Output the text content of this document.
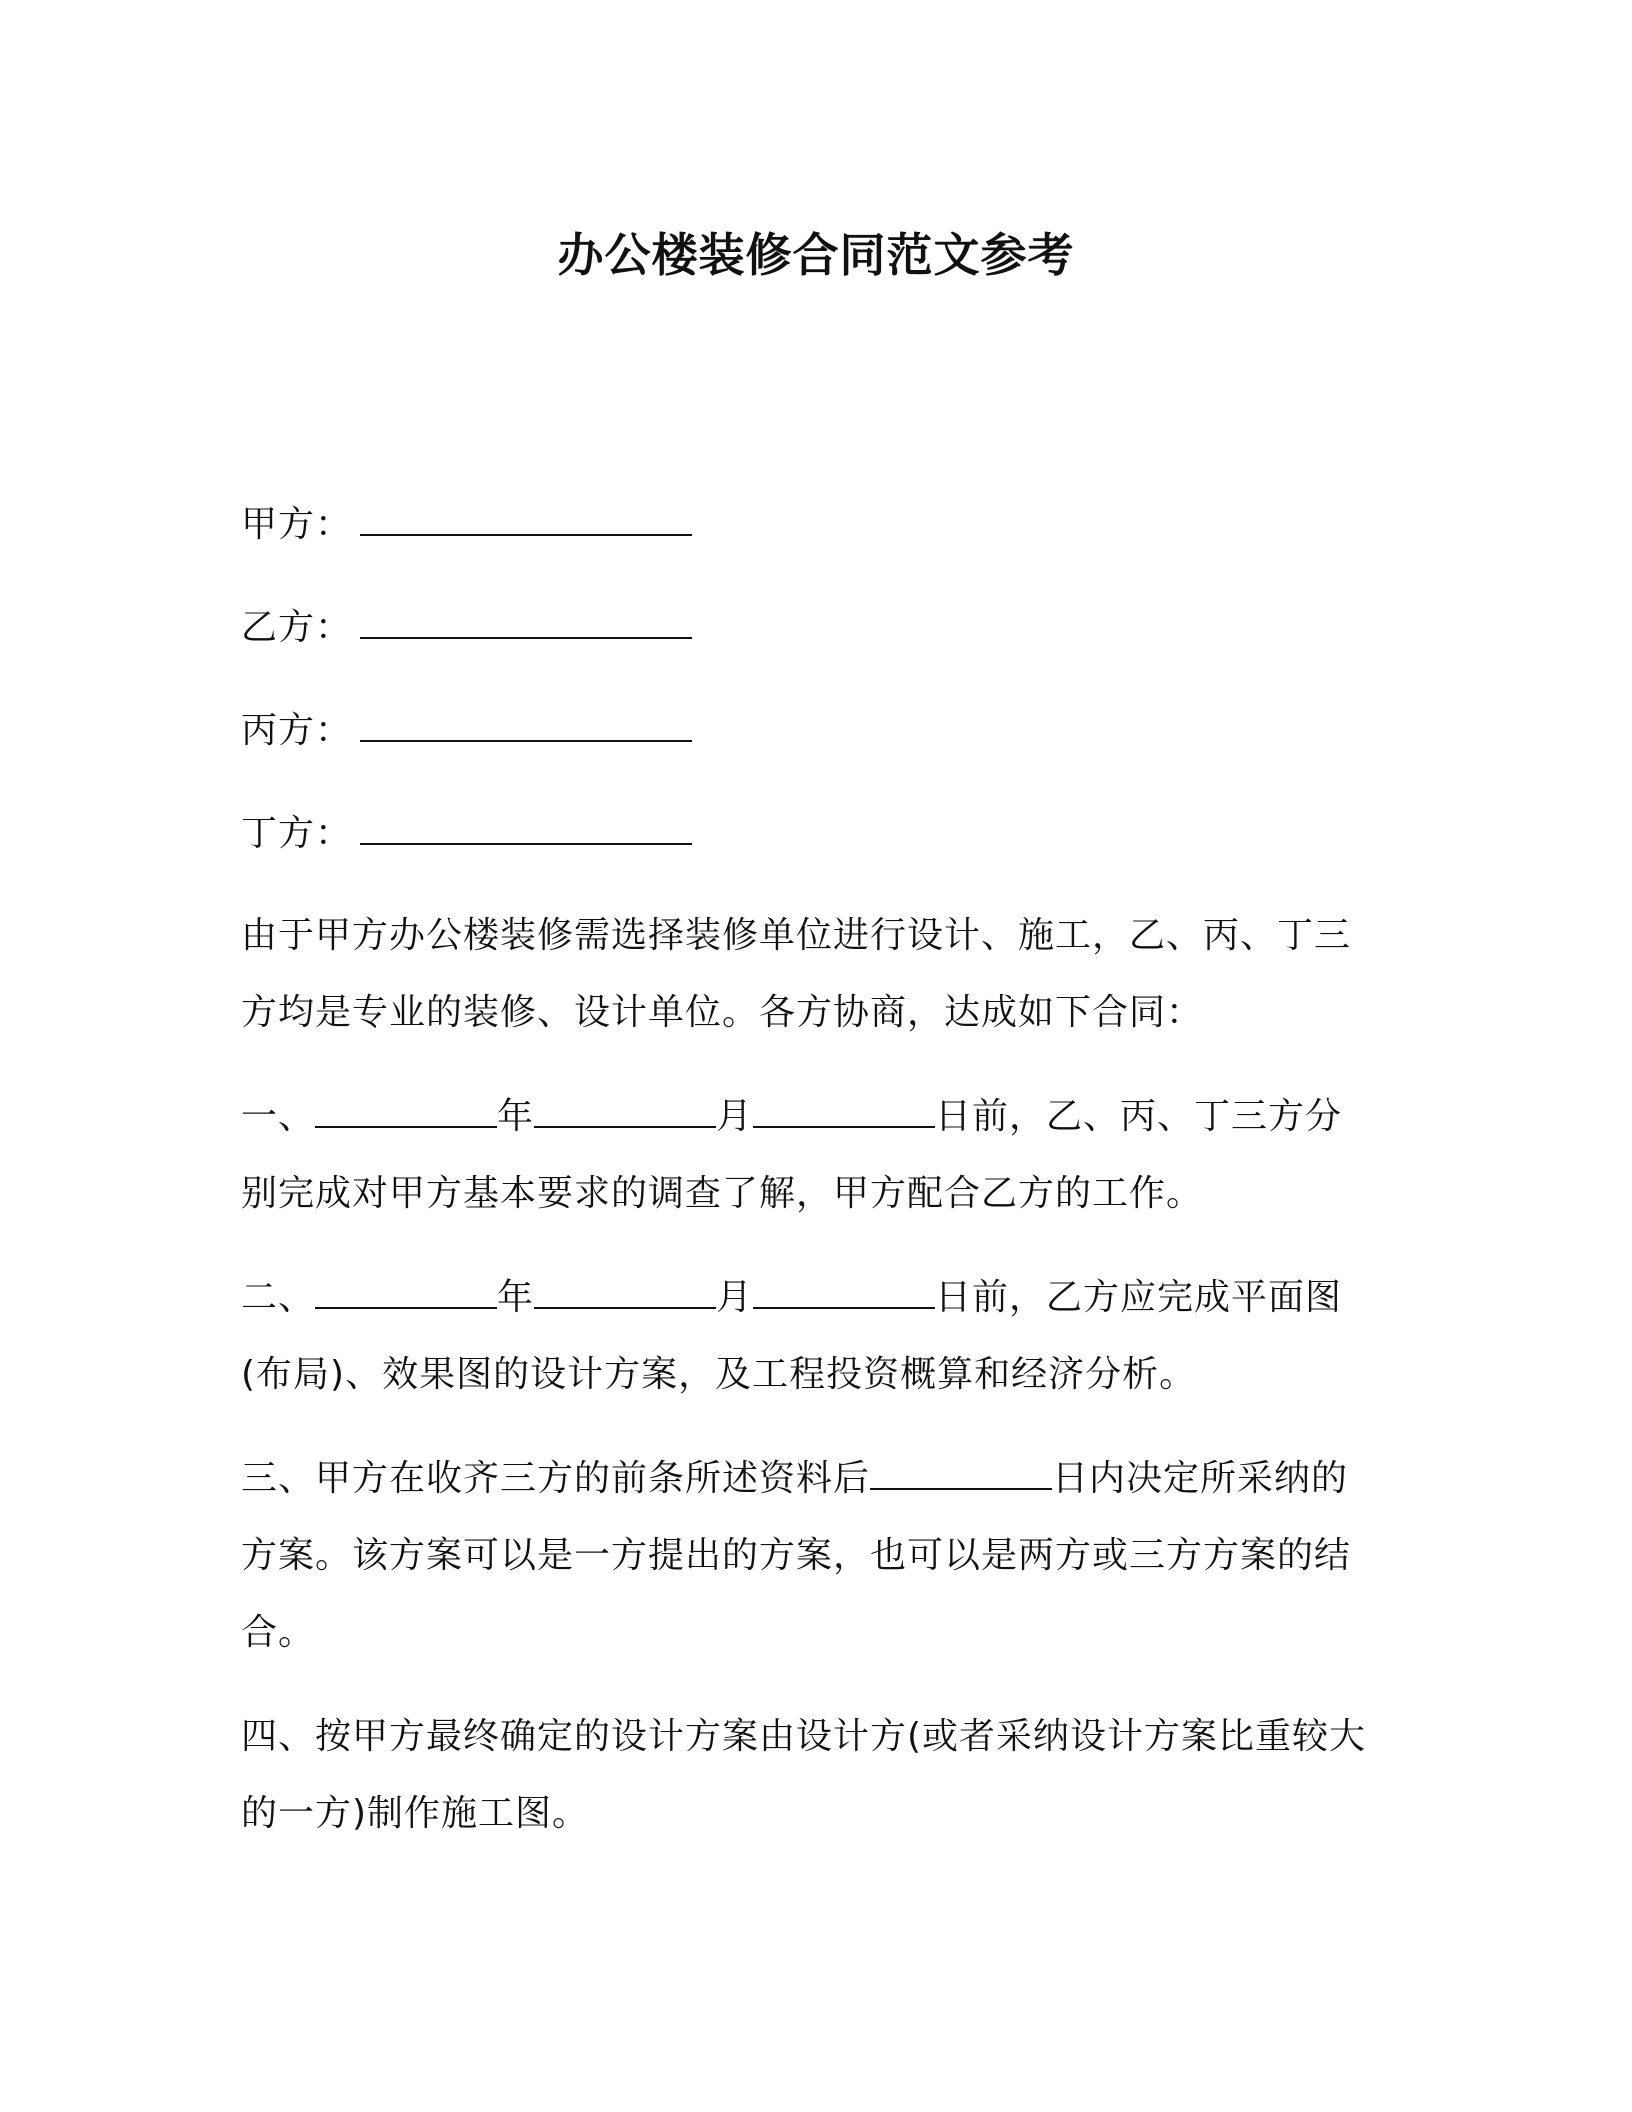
办公楼装修合同范文参考
甲方：
乙方：
丙方：
丁方：
由于甲方办公楼装修需选择装修单位进行设计、施工，乙、丙、丁三方均是专业的装修、设计单位。各方协商，达成如下合同：
一、	年	月	日前，乙、丙、丁三方分别完成对甲方基本要求的调查了解，甲方配合乙方的工作。
二、	年	月	日前，乙方应完成平面图(布局)、效果图的设计方案，及工程投资概算和经济分析。
三、甲方在收齐三方的前条所述资料后	日内决定所采纳的方案。该方案可以是一方提出的方案，也可以是两方或三方方案的结合。
四、按甲方最终确定的设计方案由设计方(或者采纳设计方案比重较大的一方)制作施工图。
